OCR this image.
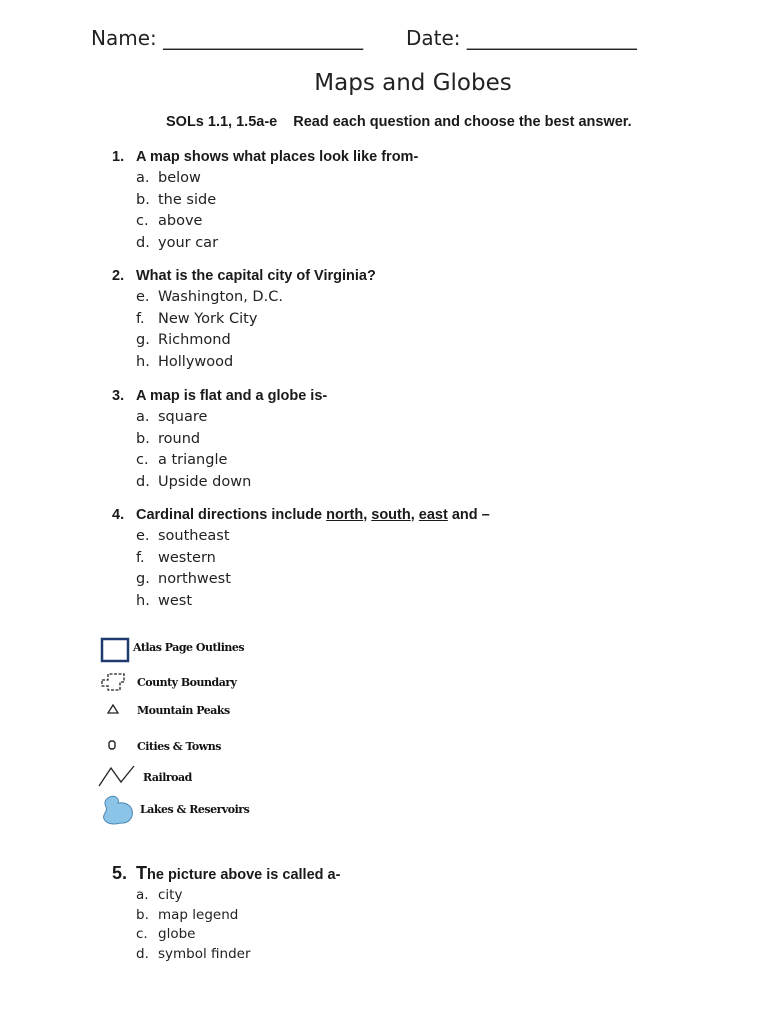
Name: ____________________ Date: _________________
Maps and Globes
SOLs 1.1, 1.5a-e Read each question and choose the best answer.
1. A map shows what places look like from-
a. below
b. the side
c. above
d. your car
2. What is the capital city of Virginia?
e. Washington, D.C.
f. New York City
g. Richmond
h. Hollywood
3. A map is flat and a globe is-
a. square
b. round
c. a triangle
d. Upside down
4. Cardinal directions include north, south, east and –
e. southeast
f. western
g. northwest
h. west
Atlas Page Outlines
County Boundary
Mountain Peaks
Cities & Towns
Railroad
Lakes & Reservoirs
5. The picture above is called a-
a. city
b. map legend
c. globe
d. symbol finder
